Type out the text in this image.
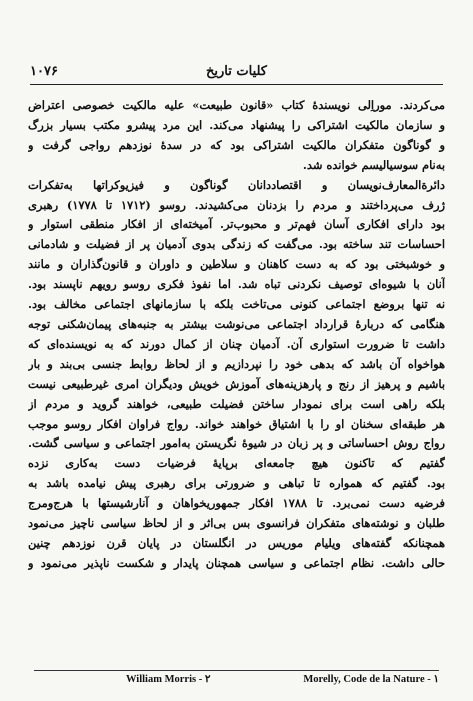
۱۰۷۶	کلیات تاریخ
می‌کردند. موراِلی نویسندهٔ کتاب «قانون طبیعت» علیه مالکیت خصوصی اعتراض
و سازمان مالکیت اشتراکی را پیشنهاد می‌کند. این مرد پیشرو مکتب بسیار بزرگ
و گوناگون متفکران مالکیت اشتراکی بود که در سدهٔ نوزدهم رواجی گرفت و
به‌نام سوسیالیسم خوانده شد.
دائرةالمعارف‌نویسان و اقتصاددانان گوناگون و فیزیوکراتها به‌تفکرات
ژرف می‌پرداختند و مردم را بزدنان می‌کشیدند. روسو (۱۷۱۲ تا ۱۷۷۸) رهبری
بود دارای افکاری آسان فهم‌تر و محبوب‌تر. آمیخته‌ای از افکار منطقی استوار و
احساسات تند ساخته بود. می‌گفت که زندگی بدوی آدمیان پر از فضیلت و شادمانی
و خوشبختی بود که به دست کاهنان و سلاطین و داوران و قانون‌گذاران و مانند
آنان با شیوه‌ای توصیف نکردنی تباه شد. اما نفوذ فکری روسو رویهم ناپسند بود.
نه تنها بروضع اجتماعی کنونی می‌تاخت بلکه با سازمانهای اجتماعی مخالف بود.
هنگامی که دربارهٔ قرارداد اجتماعی می‌نوشت بیشتر به جنبه‌های پیمان‌شکنی توجه
داشت تا ضرورت استواری آن. آدمیان چنان از کمال دورند که به نویسنده‌ای که
هوا‌خواه آن باشد که بدهی خود را نپردازیم و از لحاظ روابط جنسی بی‌بند و بار
باشیم و پرهیز از رنج و پارهزینه‌های آموزش خویش ودیگران امری غیرطبیعی نیست
بلکه راهی است برای نمودار ساختن فضیلت طبیعی، خواهند گروید و مردم از
هر طبقه‌ای سخنان او را با اشتیاق خواهند خواند. رواج فراوان افکار روسو موجب
رواج روش احساساتی و پر زبان در شیوهٔ نگریستن به‌امور اجتماعی و سیاسی گشت.
گفتیم که تاکنون هیچ جامعه‌ای برپایهٔ فرضیات دست به‌کاری نزده
بود. گفتیم که همواره تا تباهی و ضرورتی برای رهبری پیش نیامده باشد به
فرضیه دست نمی‌برد. تا ۱۷۸۸ افکار جمهوریخواهان و آنارشیستها با هرج‌ومرج‌
طلبان و نوشته‌های متفکران فرانسوی بس بی‌اثر و از لحاظ سیاسی ناچیز می‌نمود
همچنانکه گفته‌های ویلیام موریس در انگلستان در پایان قرن نوزدهم چنین
حالی داشت. نظام اجتماعی و سیاسی همچنان پایدار و شکست ناپذیر می‌نمود و
Morelly, Code de la Nature - ۱
William Morris - ۲
